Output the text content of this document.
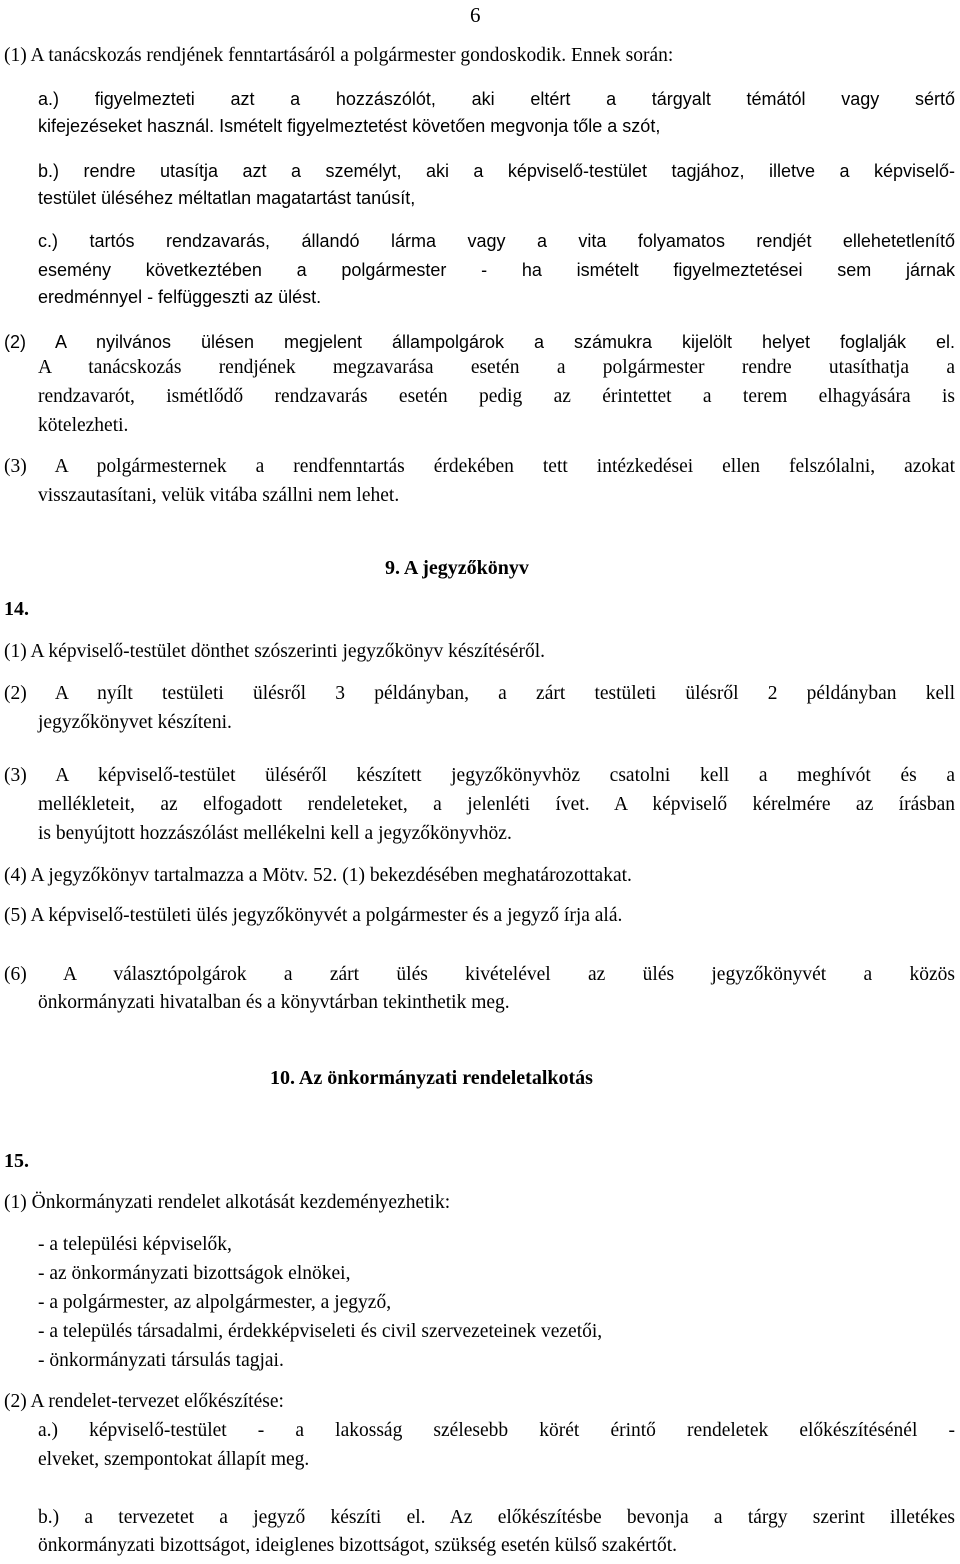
6
(1) A tanácskozás rendjének fenntartásáról a polgármester gondoskodik. Ennek során:
a.) figyelmezteti azt a hozzászólót, aki eltért a tárgyalt témától vagy sértő
kifejezéseket használ. Ismételt figyelmeztetést követően megvonja tőle a szót,
b.) rendre utasítja azt a személyt, aki a képviselő-testület tagjához, illetve a képviselő-
testület üléséhez méltatlan magatartást tanúsít,
c.) tartós rendzavarás, állandó lárma vagy a vita folyamatos rendjét ellehetetlenítő
esemény következtében a polgármester - ha ismételt figyelmeztetései sem járnak
eredménnyel - felfüggeszti az ülést.
(2) A nyilvános ülésen megjelent állampolgárok a számukra kijelölt helyet foglalják el.
A tanácskozás rendjének megzavarása esetén a polgármester rendre utasíthatja a
rendzavarót, ismétlődő rendzavarás esetén pedig az érintettet a terem elhagyására is
kötelezheti.
(3) A polgármesternek a rendfenntartás érdekében tett intézkedései ellen felszólalni, azokat
visszautasítani, velük vitába szállni nem lehet.
9. A jegyzőkönyv
14.
(1) A képviselő-testület dönthet szószerinti jegyzőkönyv készítéséről.
(2) A nyílt testületi ülésről 3 példányban, a zárt testületi ülésről 2 példányban kell
jegyzőkönyvet készíteni.
(3) A képviselő-testület üléséről készített jegyzőkönyvhöz csatolni kell a meghívót és a
mellékleteit, az elfogadott rendeleteket, a jelenléti ívet. A képviselő kérelmére az írásban
is benyújtott hozzászólást mellékelni kell a jegyzőkönyvhöz.
(4) A jegyzőkönyv tartalmazza a Mötv. 52. (1) bekezdésében meghatározottakat.
(5) A képviselő-testületi ülés jegyzőkönyvét a polgármester és a jegyző írja alá.
(6) A választópolgárok a zárt ülés kivételével az ülés jegyzőkönyvét a közös
önkormányzati hivatalban és a könyvtárban tekinthetik meg.
10. Az önkormányzati rendeletalkotás
15.
(1) Önkormányzati rendelet alkotását kezdeményezhetik:
- a települési képviselők,
- az önkormányzati bizottságok elnökei,
- a polgármester, az alpolgármester, a jegyző,
- a település társadalmi, érdekképviseleti és civil szervezeteinek vezetői,
- önkormányzati társulás tagjai.
(2) A rendelet-tervezet előkészítése:
a.) képviselő-testület - a lakosság szélesebb körét érintő rendeletek előkészítésénél -
elveket, szempontokat állapít meg.
b.) a tervezetet a jegyző készíti el. Az előkészítésbe bevonja a tárgy szerint illetékes
önkormányzati bizottságot, ideiglenes bizottságot, szükség esetén külső szakértőt.
